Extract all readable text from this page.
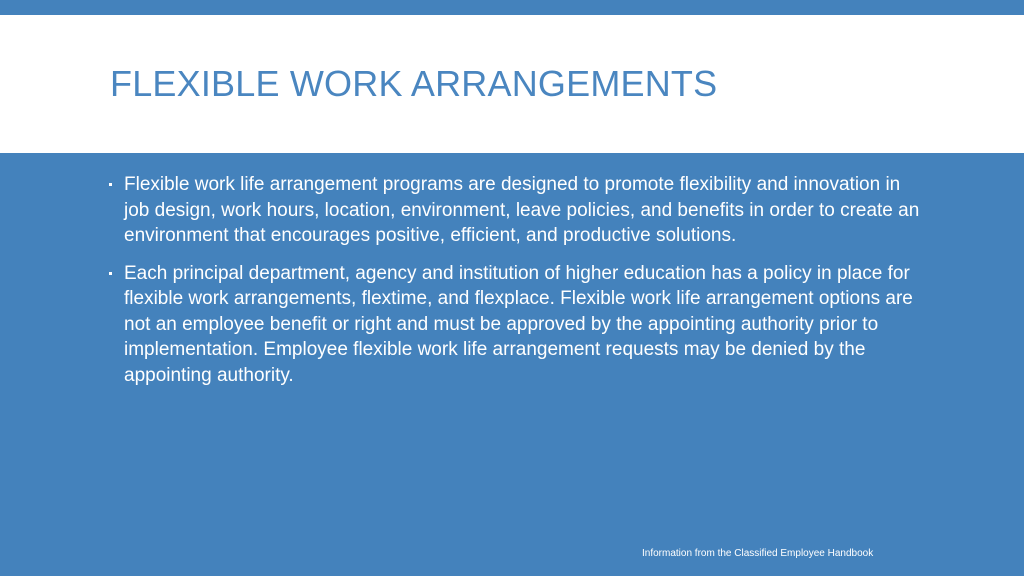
FLEXIBLE WORK ARRANGEMENTS
Flexible work life arrangement programs are designed to promote flexibility and innovation in job design, work hours, location, environment, leave policies, and benefits in order to create an environment that encourages positive, efficient, and productive solutions.
Each principal department, agency and institution of higher education has a policy in place for flexible work arrangements, flextime, and flexplace. Flexible work life arrangement options are not an employee benefit or right and must be approved by the appointing authority prior to implementation. Employee flexible work life arrangement requests may be denied by the appointing authority.
Information from the Classified Employee Handbook
